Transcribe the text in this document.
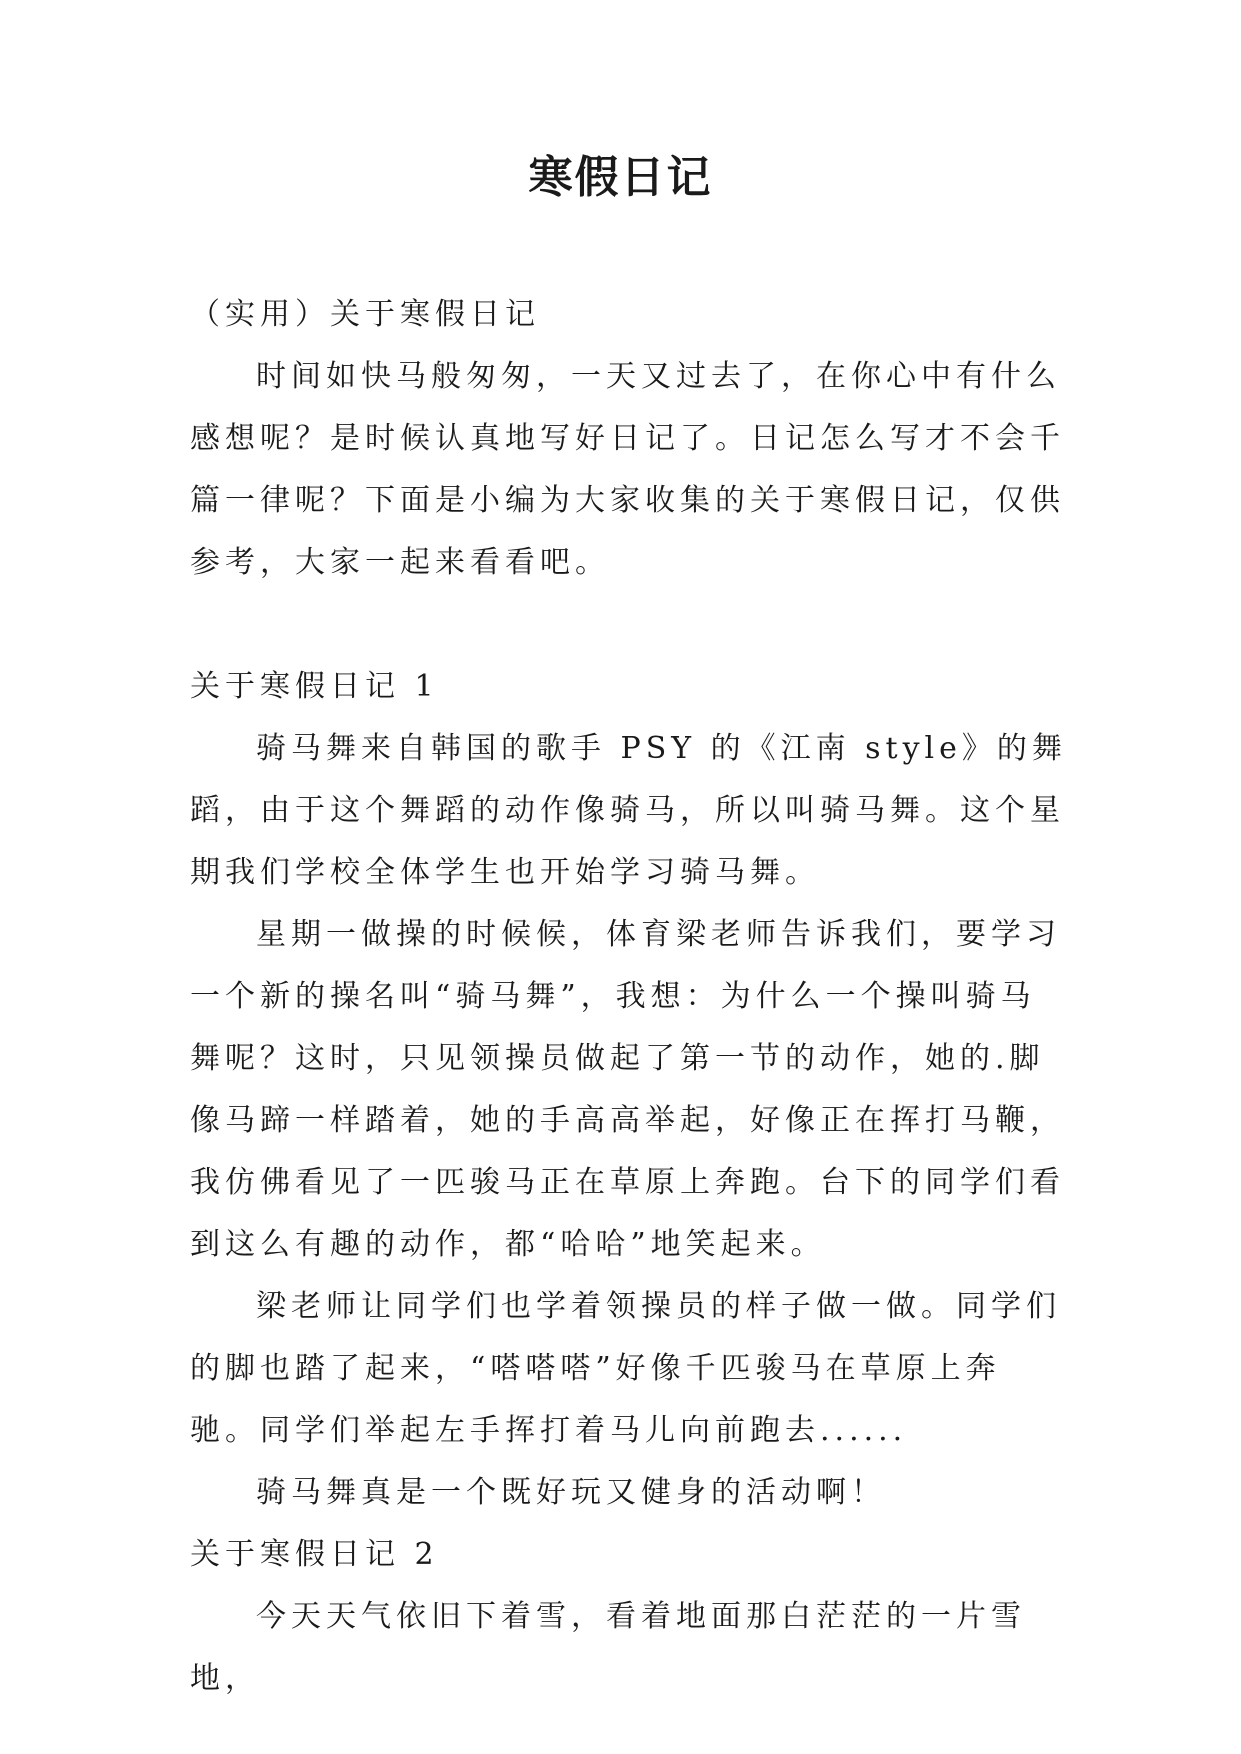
寒假日记

（实用）关于寒假日记

时间如快马般匆匆，一天又过去了，在你心中有什么感想呢？是时候认真地写好日记了。日记怎么写才不会千篇一律呢？下面是小编为大家收集的关于寒假日记，仅供参考，大家一起来看看吧。

关于寒假日记 1

骑马舞来自韩国的歌手 PSY 的《江南 style》的舞蹈，由于这个舞蹈的动作像骑马，所以叫骑马舞。这个星期我们学校全体学生也开始学习骑马舞。

星期一做操的时候候，体育梁老师告诉我们，要学习一个新的操名叫“骑马舞”，我想：为什么一个操叫骑马舞呢？这时，只见领操员做起了第一节的动作，她的.脚像马蹄一样踏着，她的手高高举起，好像正在挥打马鞭，我仿佛看见了一匹骏马正在草原上奔跑。台下的同学们看到这么有趣的动作，都“哈哈”地笑起来。

梁老师让同学们也学着领操员的样子做一做。同学们的脚也踏了起来，“嗒嗒嗒”好像千匹骏马在草原上奔驰。同学们举起左手挥打着马儿向前跑去......

骑马舞真是一个既好玩又健身的活动啊！

关于寒假日记 2

今天天气依旧下着雪，看着地面那白茫茫的一片雪地，
